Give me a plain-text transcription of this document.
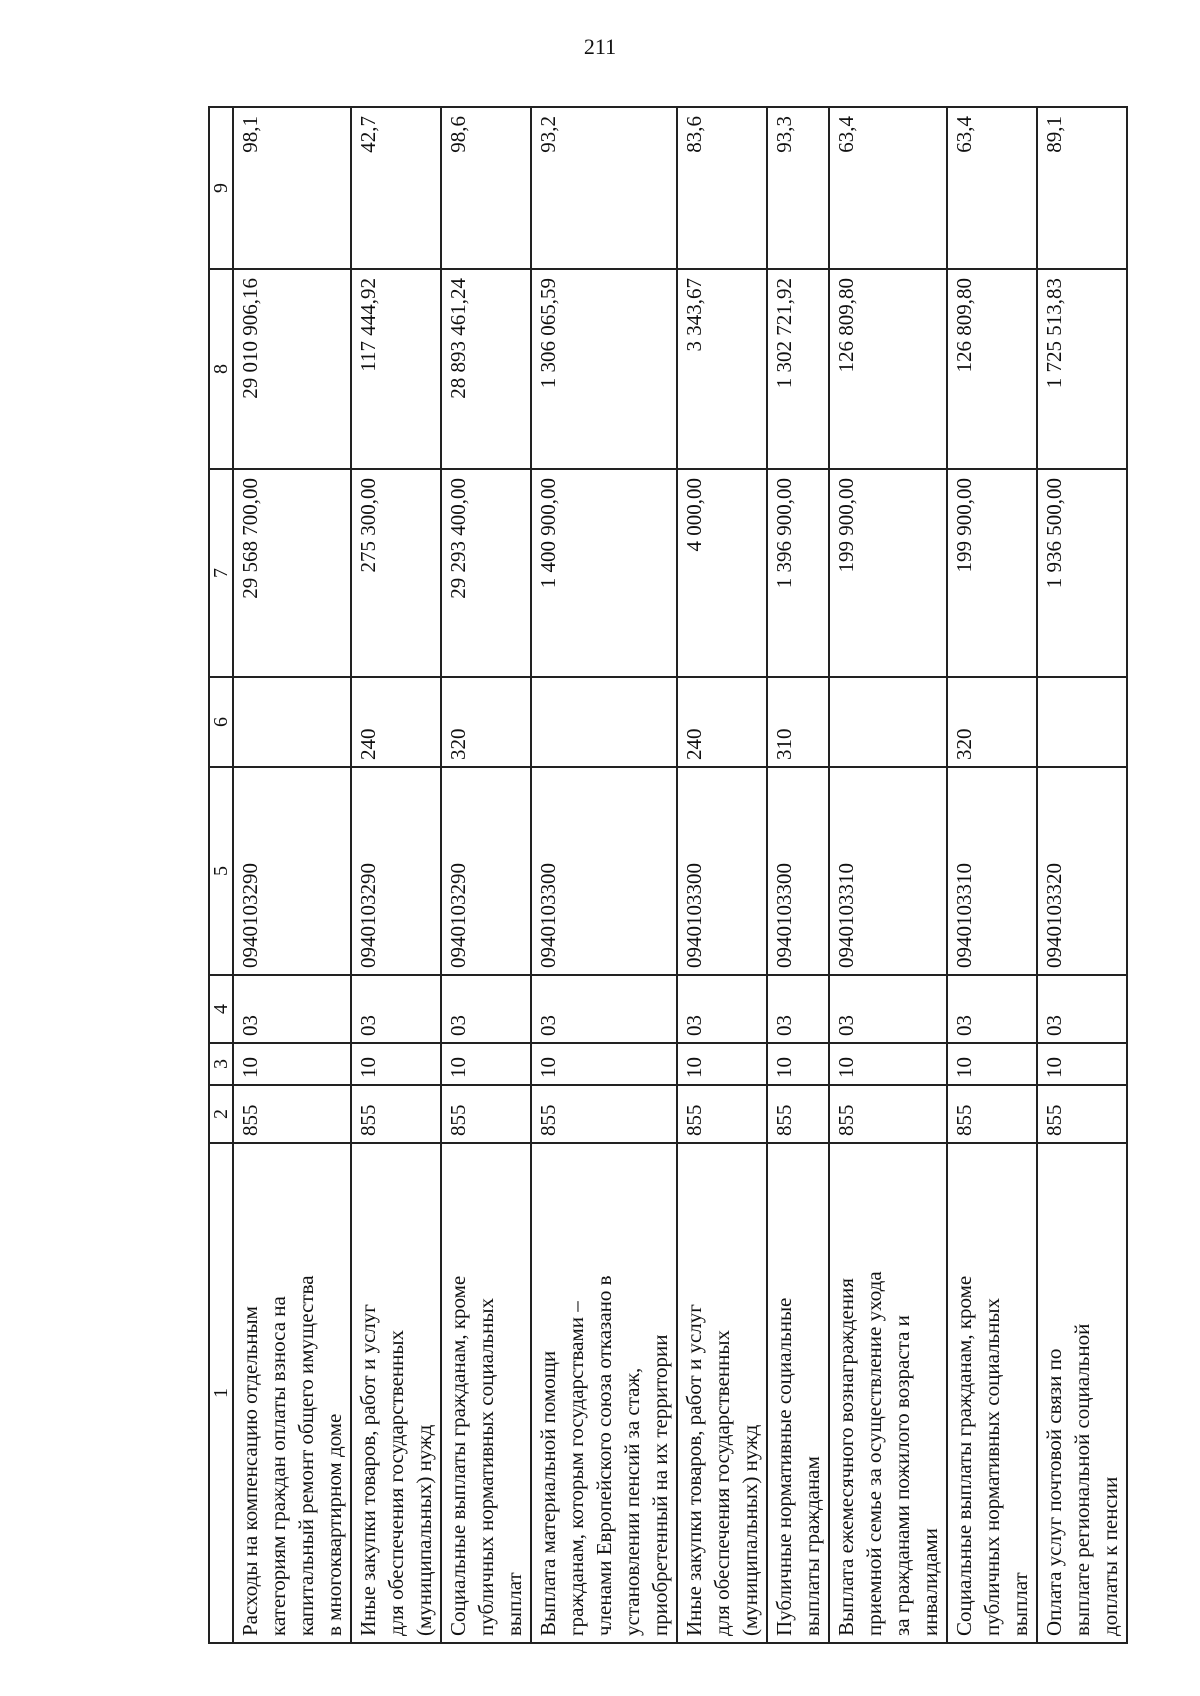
211
1	2	3	4	5	6	7	8	9
Расходы на компенсацию отдельным
категориям граждан оплаты взноса на
капитальный ремонт общего имущества
в многоквартирном доме	855	10	03	0940103290		29 568 700,00	29 010 906,16	98,1
Иные закупки товаров, работ и услуг
для обеспечения государственных
(муниципальных) нужд	855	10	03	0940103290	240	275 300,00	117 444,92	42,7
Социальные выплаты гражданам, кроме
публичных нормативных социальных
выплат	855	10	03	0940103290	320	29 293 400,00	28 893 461,24	98,6
Выплата материальной помощи
гражданам, которым государствами –
членами Европейского союза отказано в
установлении пенсий за стаж,
приобретенный на их территории	855	10	03	0940103300		1 400 900,00	1 306 065,59	93,2
Иные закупки товаров, работ и услуг
для обеспечения государственных
(муниципальных) нужд	855	10	03	0940103300	240	4 000,00	3 343,67	83,6
Публичные нормативные социальные
выплаты гражданам	855	10	03	0940103300	310	1 396 900,00	1 302 721,92	93,3
Выплата ежемесячного вознаграждения
приемной семье за осуществление ухода
за гражданами пожилого возраста и
инвалидами	855	10	03	0940103310		199 900,00	126 809,80	63,4
Социальные выплаты гражданам, кроме
публичных нормативных социальных
выплат	855	10	03	0940103310	320	199 900,00	126 809,80	63,4
Оплата услуг почтовой связи по
выплате региональной социальной
доплаты к пенсии	855	10	03	0940103320		1 936 500,00	1 725 513,83	89,1
